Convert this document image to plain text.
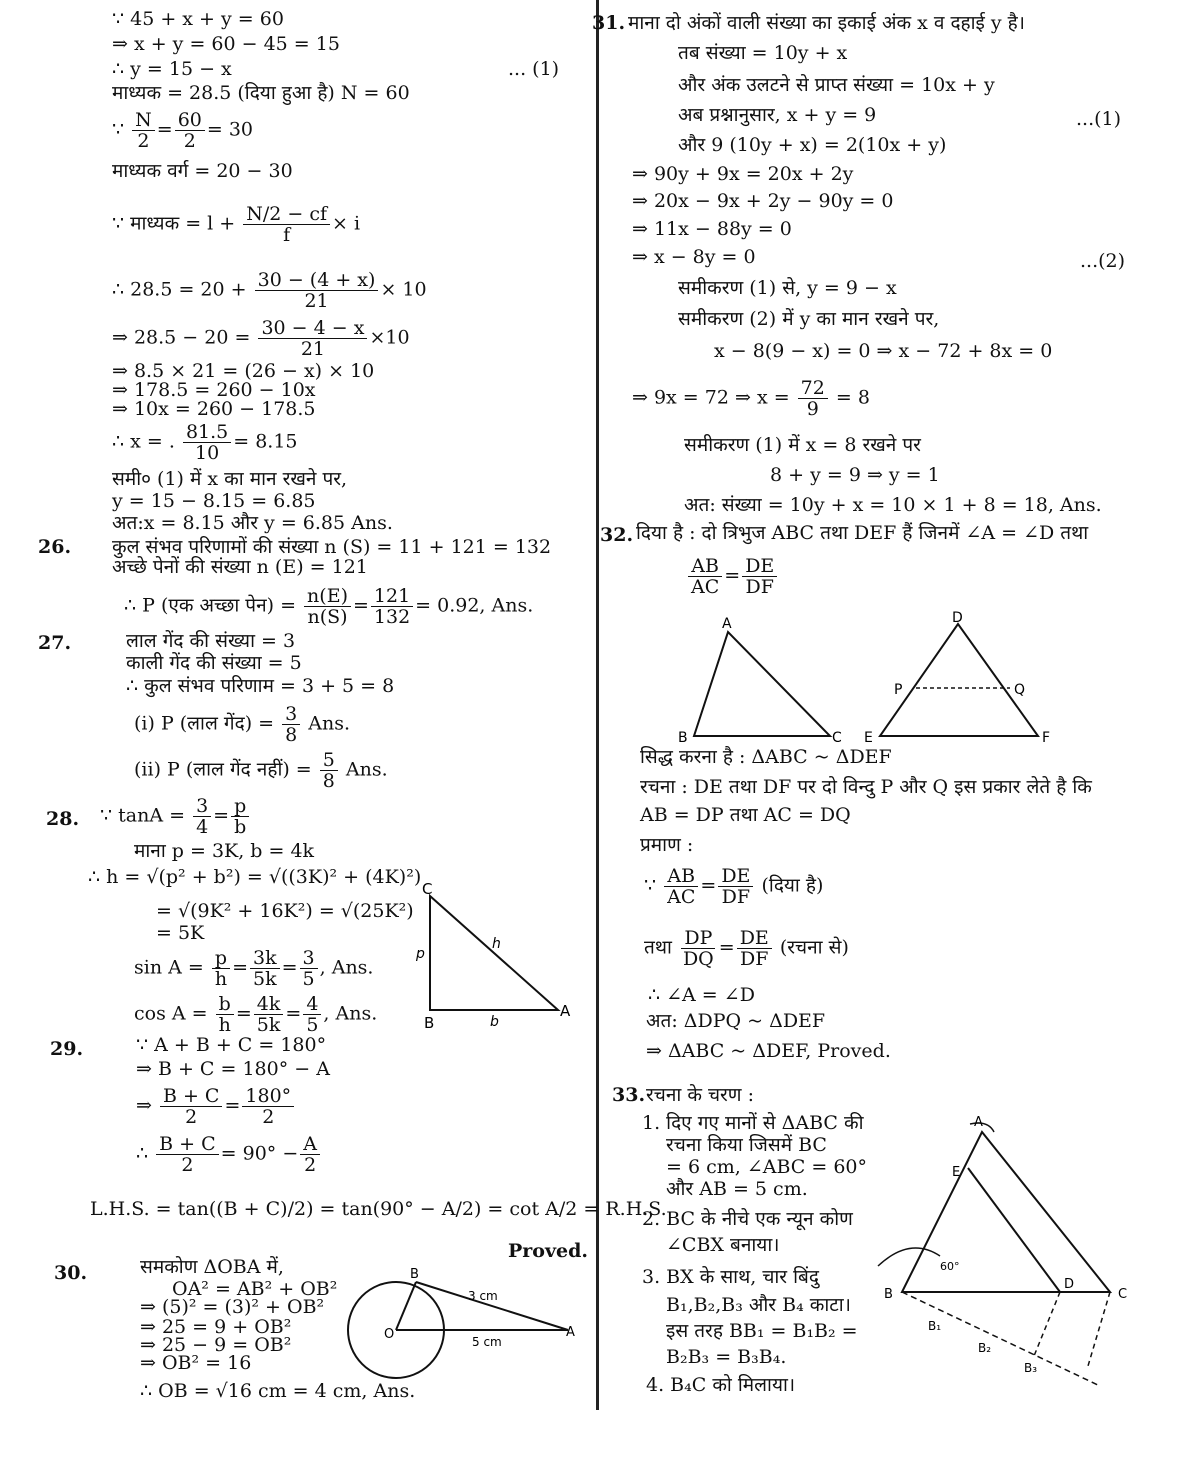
∵ 45 + x + y = 60
⇒ x + y = 60 − 45 = 15
∴ y = 15 − x	... (1)
माध्यक = 28.5 (दिया हुआ है) N = 60
∵ $\frac{N}{2} = \frac{60}{2} = 30$
माध्यक वर्ग = 20 − 30
∵ माध्यक = $l + \frac{N/2 - cf}{f} \times i$
∴ $28.5 = 20 + \frac{30 - (4 + x)}{21} \times 10$
⇒ $28.5 - 20 = \frac{30 - 4 - x}{21} \times 10$
⇒ 8.5 × 21 = (26 − x) × 10
⇒ 178.5 = 260 − 10x
⇒ 10x = 260 − 178.5
∴ x = . $\frac{81.5}{10} = 8.15$
समी० (1) में x का मान रखने पर,
y = 15 − 8.15 = 6.85
अत:x = 8.15 और y = 6.85 Ans.
26. कुल संभव परिणामों की संख्या n (S) = 11 + 121 = 132
अच्छे पेनों की संख्या n (E) = 121
∴ P (एक अच्छा पेन) = $\frac{n(E)}{n(S)} = \frac{121}{132} = 0.92$, Ans.
27.	लाल गेंद की संख्या = 3
काली गेंद की संख्या = 5
∴ कुल संभव परिणाम = 3 + 5 = 8
(i) P (लाल गेंद) = $\frac{3}{8}$ Ans.
(ii) P (लाल गेंद नहीं) = $\frac{5}{8}$ Ans.
28. ∵ $\tan A = \frac{3}{4} = \frac{p}{b}$
माना p = 3K, b = 4k
∴ h = √(p² + b²) = √((3K)² + (4K)²)
= √(9K² + 16K²) = √(25K²)
= 5K
$\sin A = \frac{p}{h} = \frac{3k}{5k} = \frac{3}{5}$ , Ans.
$\cos A = \frac{b}{h} = \frac{4k}{5k} = \frac{4}{5}$ , Ans.
C
A
B
p
h
b
29.	∵ A + B + C = 180°
⇒ B + C = 180° − A
⇒ $\frac{B + C}{2} = \frac{180^\circ}{2}$
∴ $\frac{B + C}{2} = 90^\circ - \frac{A}{2}$
L.H.S. = tan((B + C)/2) = tan(90° − A/2) = cot A/2 = R.H.S.
Proved.
30.	समकोण ΔOBA में,
OA² = AB² + OB²
⇒ (5)² = (3)² + OB²
⇒ 25 = 9 + OB²
⇒ 25 − 9 = OB²
⇒ OB² = 16
∴ OB = √16 cm = 4 cm, Ans.
B
O	A
3 cm
5 cm
31. माना दो अंकों वाली संख्या का इकाई अंक x व दहाई y है।
तब संख्या = 10y + x
और अंक उलटने से प्राप्त संख्या = 10x + y
अब प्रश्नानुसार, x + y = 9	...(1)
और 9 (10y + x) = 2(10x + y)
⇒ 90y + 9x = 20x + 2y
⇒ 20x − 9x + 2y − 90y = 0
⇒ 11x − 88y = 0
⇒ x − 8y = 0	...(2)
समीकरण (1) से, y = 9 − x
समीकरण (2) में y का मान रखने पर,
x − 8(9 − x) = 0 ⇒ x − 72 + 8x = 0
⇒ 9x = 72 ⇒ $x = \frac{72}{9} = 8$
समीकरण (1) में x = 8 रखने पर
8 + y = 9 ⇒ y = 1
अत: संख्या = 10y + x = 10 × 1 + 8 = 18, Ans.
32. दिया है : दो त्रिभुज ABC तथा DEF हैं जिनमें ∠A = ∠D तथा
$\frac{AB}{AC} = \frac{DE}{DF}$
A
B	C
D
E	F
P	Q
सिद्ध करना है : ΔABC ~ ΔDEF
रचना : DE तथा DF पर दो विन्दु P और Q इस प्रकार लेते है कि
AB = DP तथा AC = DQ
प्रमाण :
∵ $\frac{AB}{AC} = \frac{DE}{DF}$ (दिया है)
तथा $\frac{DP}{DQ} = \frac{DE}{DF}$ (रचना से)
∴ ∠A = ∠D
अत: ΔDPQ ~ ΔDEF
⇒ ΔABC ~ ΔDEF, Proved.
33. रचना के चरण :
1. दिए गए मानों से ΔABC की
रचना किया जिसमें BC
= 6 cm, ∠ABC = 60°
और AB = 5 cm.
2. BC के नीचे एक न्यून कोण
∠CBX बनाया।
3. BX के साथ, चार बिंदु
B₁,B₂,B₃ और B₄ काटा।
इस तरह BB₁ = B₁B₂ =
B₂B₃ = B₃B₄.
4. B₄C को मिलाया।
A
E
B
D
C
60°
B₁
B₂
B₃
